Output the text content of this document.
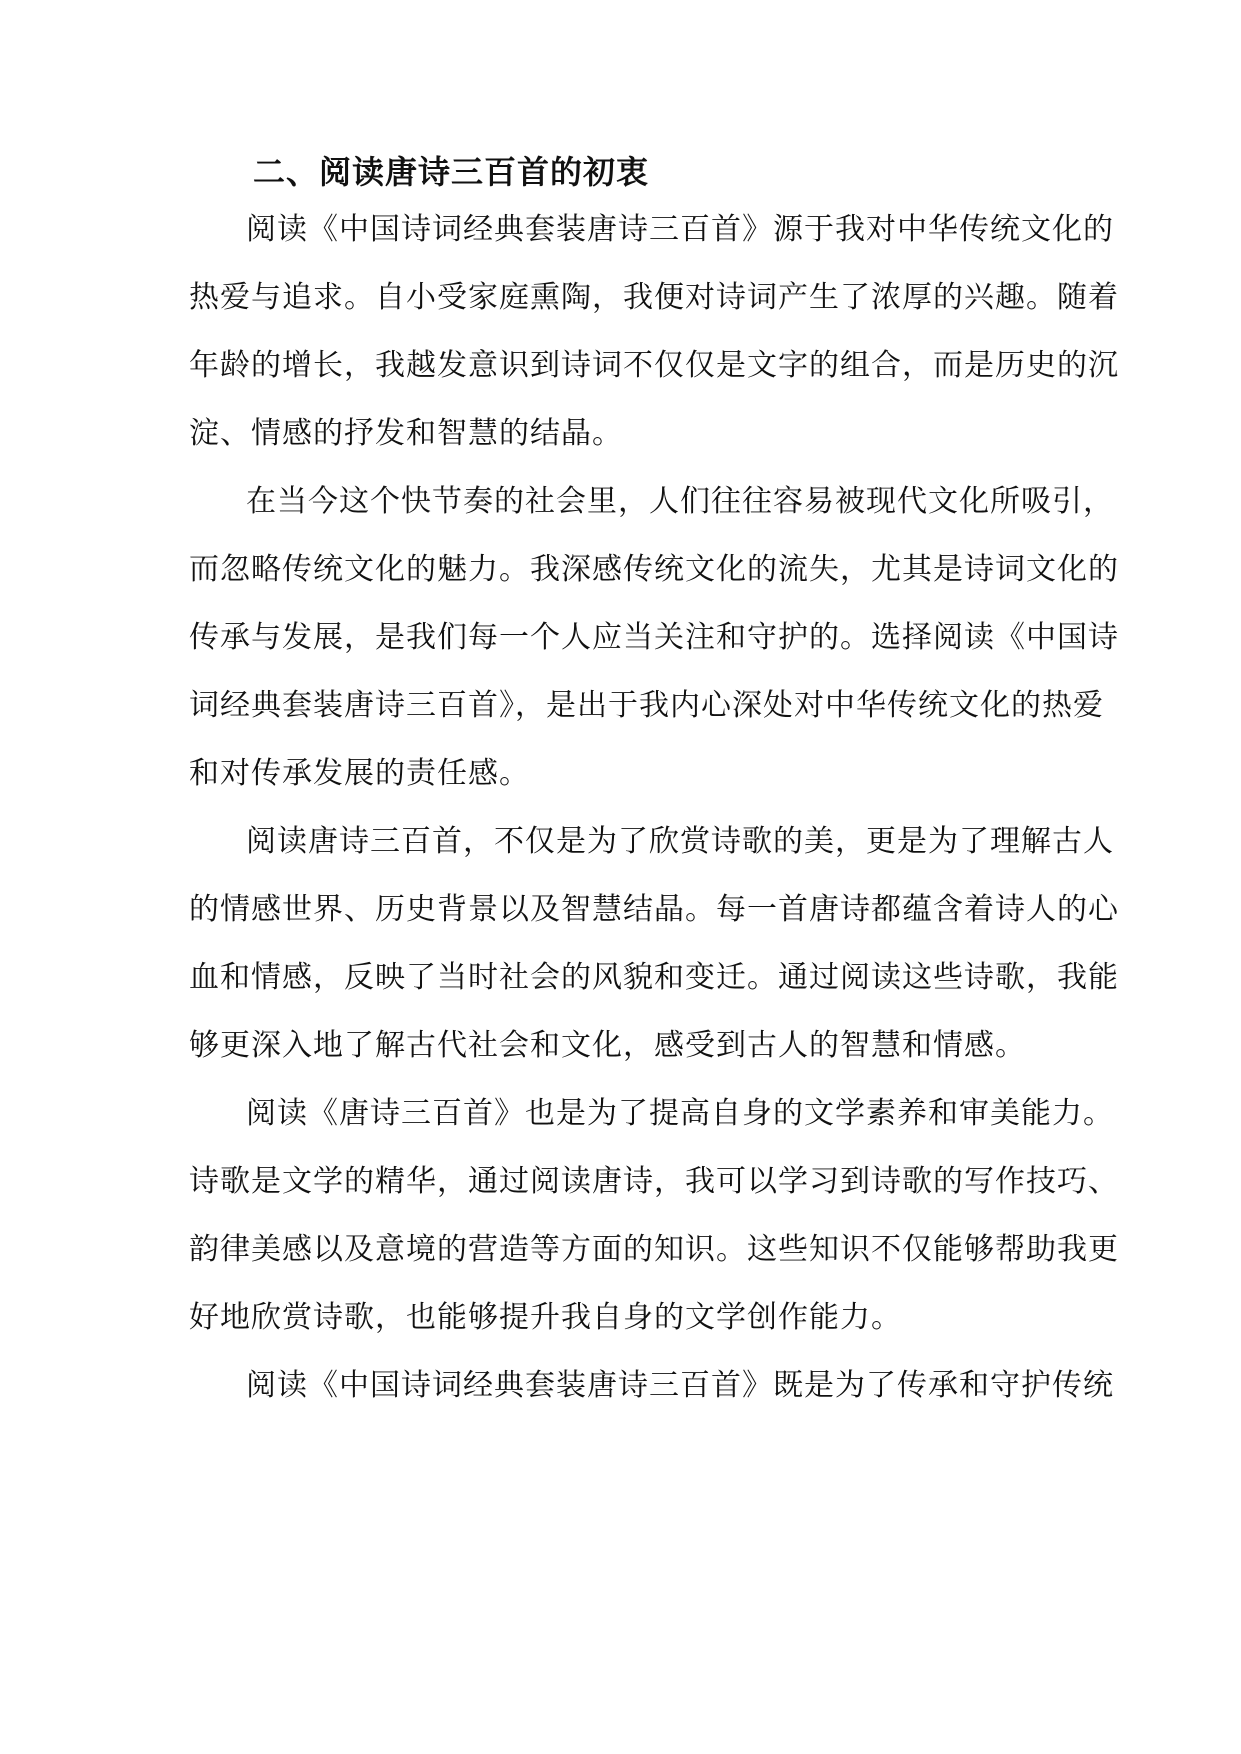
二、阅读唐诗三百首的初衷

阅读《中国诗词经典套装唐诗三百首》源于我对中华传统文化的

热爱与追求。自小受家庭熏陶，我便对诗词产生了浓厚的兴趣。随着

年龄的增长，我越发意识到诗词不仅仅是文字的组合，而是历史的沉

淀、情感的抒发和智慧的结晶。

在当今这个快节奏的社会里，人们往往容易被现代文化所吸引，

而忽略传统文化的魅力。我深感传统文化的流失，尤其是诗词文化的

传承与发展，是我们每一个人应当关注和守护的。选择阅读《中国诗

词经典套装唐诗三百首》，是出于我内心深处对中华传统文化的热爱

和对传承发展的责任感。

阅读唐诗三百首，不仅是为了欣赏诗歌的美，更是为了理解古人

的情感世界、历史背景以及智慧结晶。每一首唐诗都蕴含着诗人的心

血和情感，反映了当时社会的风貌和变迁。通过阅读这些诗歌，我能

够更深入地了解古代社会和文化，感受到古人的智慧和情感。

阅读《唐诗三百首》也是为了提高自身的文学素养和审美能力。

诗歌是文学的精华，通过阅读唐诗，我可以学习到诗歌的写作技巧、

韵律美感以及意境的营造等方面的知识。这些知识不仅能够帮助我更

好地欣赏诗歌，也能够提升我自身的文学创作能力。

阅读《中国诗词经典套装唐诗三百首》既是为了传承和守护传统
